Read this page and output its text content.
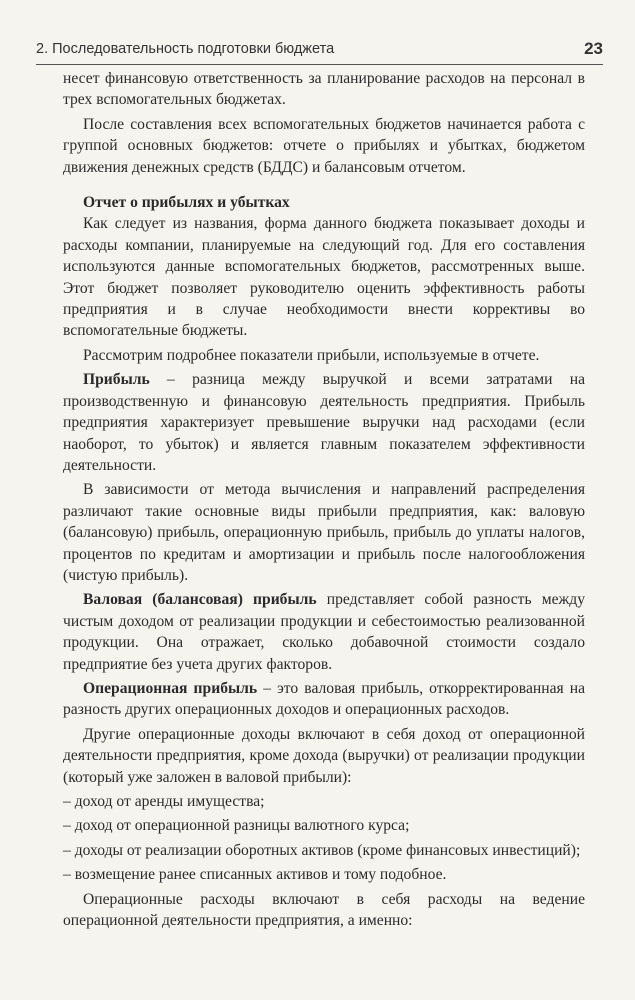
2. Последовательность подготовки бюджета	23

несет финансовую ответственность за планирование расходов на персонал в трех вспомогательных бюджетах.

После составления всех вспомогательных бюджетов начинается работа с группой основных бюджетов: отчете о прибылях и убытках, бюджетом движения денежных средств (БДДС) и балансовым отчетом.

Отчет о прибылях и убытках

Как следует из названия, форма данного бюджета показывает доходы и расходы компании, планируемые на следующий год. Для его составления используются данные вспомогательных бюджетов, рассмотренных выше. Этот бюджет позволяет руководителю оценить эффективность работы предприятия и в случае необходимости внести коррективы во вспомогательные бюджеты.

Рассмотрим подробнее показатели прибыли, используемые в отчете.

Прибыль – разница между выручкой и всеми затратами на производственную и финансовую деятельность предприятия. Прибыль предприятия характеризует превышение выручки над расходами (если наоборот, то убыток) и является главным показателем эффективности деятельности.

В зависимости от метода вычисления и направлений распределения различают такие основные виды прибыли предприятия, как: валовую (балансовую) прибыль, операционную прибыль, прибыль до уплаты налогов, процентов по кредитам и амортизации и прибыль после налогообложения (чистую прибыль).

Валовая (балансовая) прибыль представляет собой разность между чистым доходом от реализации продукции и себестоимостью реализованной продукции. Она отражает, сколько добавочной стоимости создало предприятие без учета других факторов.

Операционная прибыль – это валовая прибыль, откорректированная на разность других операционных доходов и операционных расходов.

Другие операционные доходы включают в себя доход от операционной деятельности предприятия, кроме дохода (выручки) от реализации продукции (который уже заложен в валовой прибыли):

– доход от аренды имущества;

– доход от операционной разницы валютного курса;

– доходы от реализации оборотных активов (кроме финансовых инвестиций);

– возмещение ранее списанных активов и тому подобное.

Операционные расходы включают в себя расходы на ведение операционной деятельности предприятия, а именно:
